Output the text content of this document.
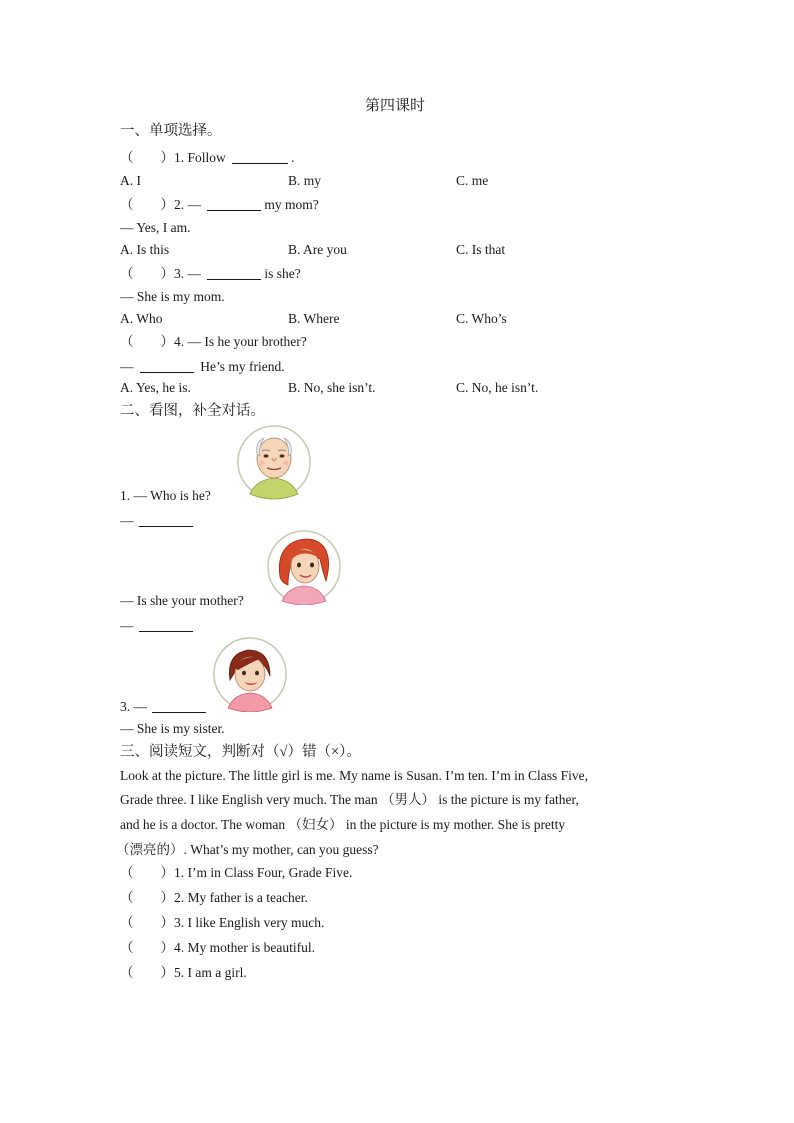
第四课时
一、单项选择。
（　　）1. Follow	.
A. I	B. my	C. me
（　　）2. —	my mom?
— Yes, I am.
A. Is this	B. Are you	C. Is that
（　　）3. —	is she?
— She is my mom.
A. Who	B. Where	C. Who’s
（　　）4. — Is he your brother?
—	He’s my friend.
A. Yes, he is.	B. No, she isn’t.	C. No, he isn’t.
二、看图，补全对话。
1. — Who is he?
—
— Is she your mother?
—
3. —
— She is my sister.
三、阅读短文，判断对（√）错（×）。
Look at the picture. The little girl is me. My name is Susan. I’m ten. I’m in Class Five,
Grade three. I like English very much. The man （男人） is the picture is my father,
and he is a doctor. The woman （妇女） in the picture is my mother. She is pretty
（漂亮的）. What’s my mother, can you guess?
（　　）1. I’m in Class Four, Grade Five.
（　　）2. My father is a teacher.
（　　）3. I like English very much.
（　　）4. My mother is beautiful.
（　　）5. I am a girl.
